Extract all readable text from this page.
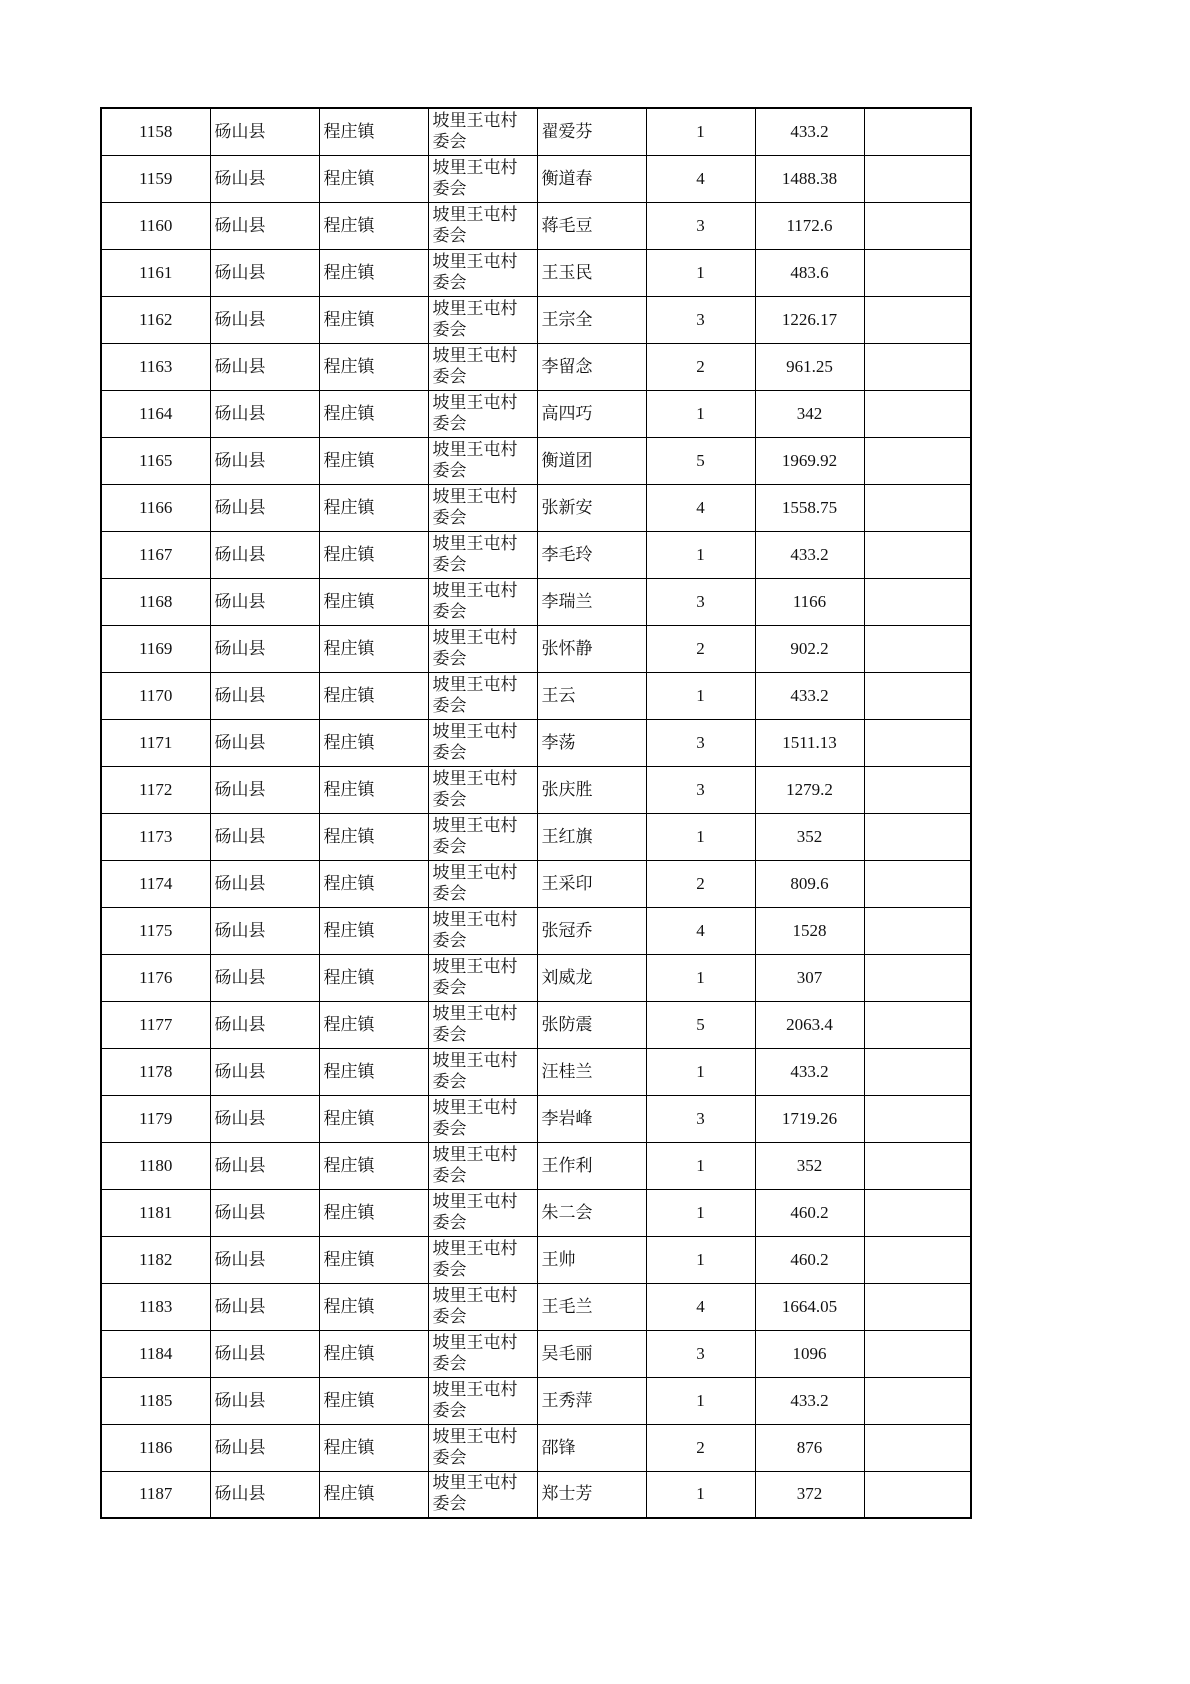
1158	砀山县	程庄镇	坡里王屯村委会	翟爱芬	1	433.2	
1159	砀山县	程庄镇	坡里王屯村委会	衡道春	4	1488.38	
1160	砀山县	程庄镇	坡里王屯村委会	蒋毛豆	3	1172.6	
1161	砀山县	程庄镇	坡里王屯村委会	王玉民	1	483.6	
1162	砀山县	程庄镇	坡里王屯村委会	王宗全	3	1226.17	
1163	砀山县	程庄镇	坡里王屯村委会	李留念	2	961.25	
1164	砀山县	程庄镇	坡里王屯村委会	高四巧	1	342	
1165	砀山县	程庄镇	坡里王屯村委会	衡道团	5	1969.92	
1166	砀山县	程庄镇	坡里王屯村委会	张新安	4	1558.75	
1167	砀山县	程庄镇	坡里王屯村委会	李毛玲	1	433.2	
1168	砀山县	程庄镇	坡里王屯村委会	李瑞兰	3	1166	
1169	砀山县	程庄镇	坡里王屯村委会	张怀静	2	902.2	
1170	砀山县	程庄镇	坡里王屯村委会	王云	1	433.2	
1171	砀山县	程庄镇	坡里王屯村委会	李荡	3	1511.13	
1172	砀山县	程庄镇	坡里王屯村委会	张庆胜	3	1279.2	
1173	砀山县	程庄镇	坡里王屯村委会	王红旗	1	352	
1174	砀山县	程庄镇	坡里王屯村委会	王采印	2	809.6	
1175	砀山县	程庄镇	坡里王屯村委会	张冠乔	4	1528	
1176	砀山县	程庄镇	坡里王屯村委会	刘威龙	1	307	
1177	砀山县	程庄镇	坡里王屯村委会	张防震	5	2063.4	
1178	砀山县	程庄镇	坡里王屯村委会	汪桂兰	1	433.2	
1179	砀山县	程庄镇	坡里王屯村委会	李岩峰	3	1719.26	
1180	砀山县	程庄镇	坡里王屯村委会	王作利	1	352	
1181	砀山县	程庄镇	坡里王屯村委会	朱二会	1	460.2	
1182	砀山县	程庄镇	坡里王屯村委会	王帅	1	460.2	
1183	砀山县	程庄镇	坡里王屯村委会	王毛兰	4	1664.05	
1184	砀山县	程庄镇	坡里王屯村委会	吴毛丽	3	1096	
1185	砀山县	程庄镇	坡里王屯村委会	王秀萍	1	433.2	
1186	砀山县	程庄镇	坡里王屯村委会	邵锋	2	876	
1187	砀山县	程庄镇	坡里王屯村委会	郑士芳	1	372	
